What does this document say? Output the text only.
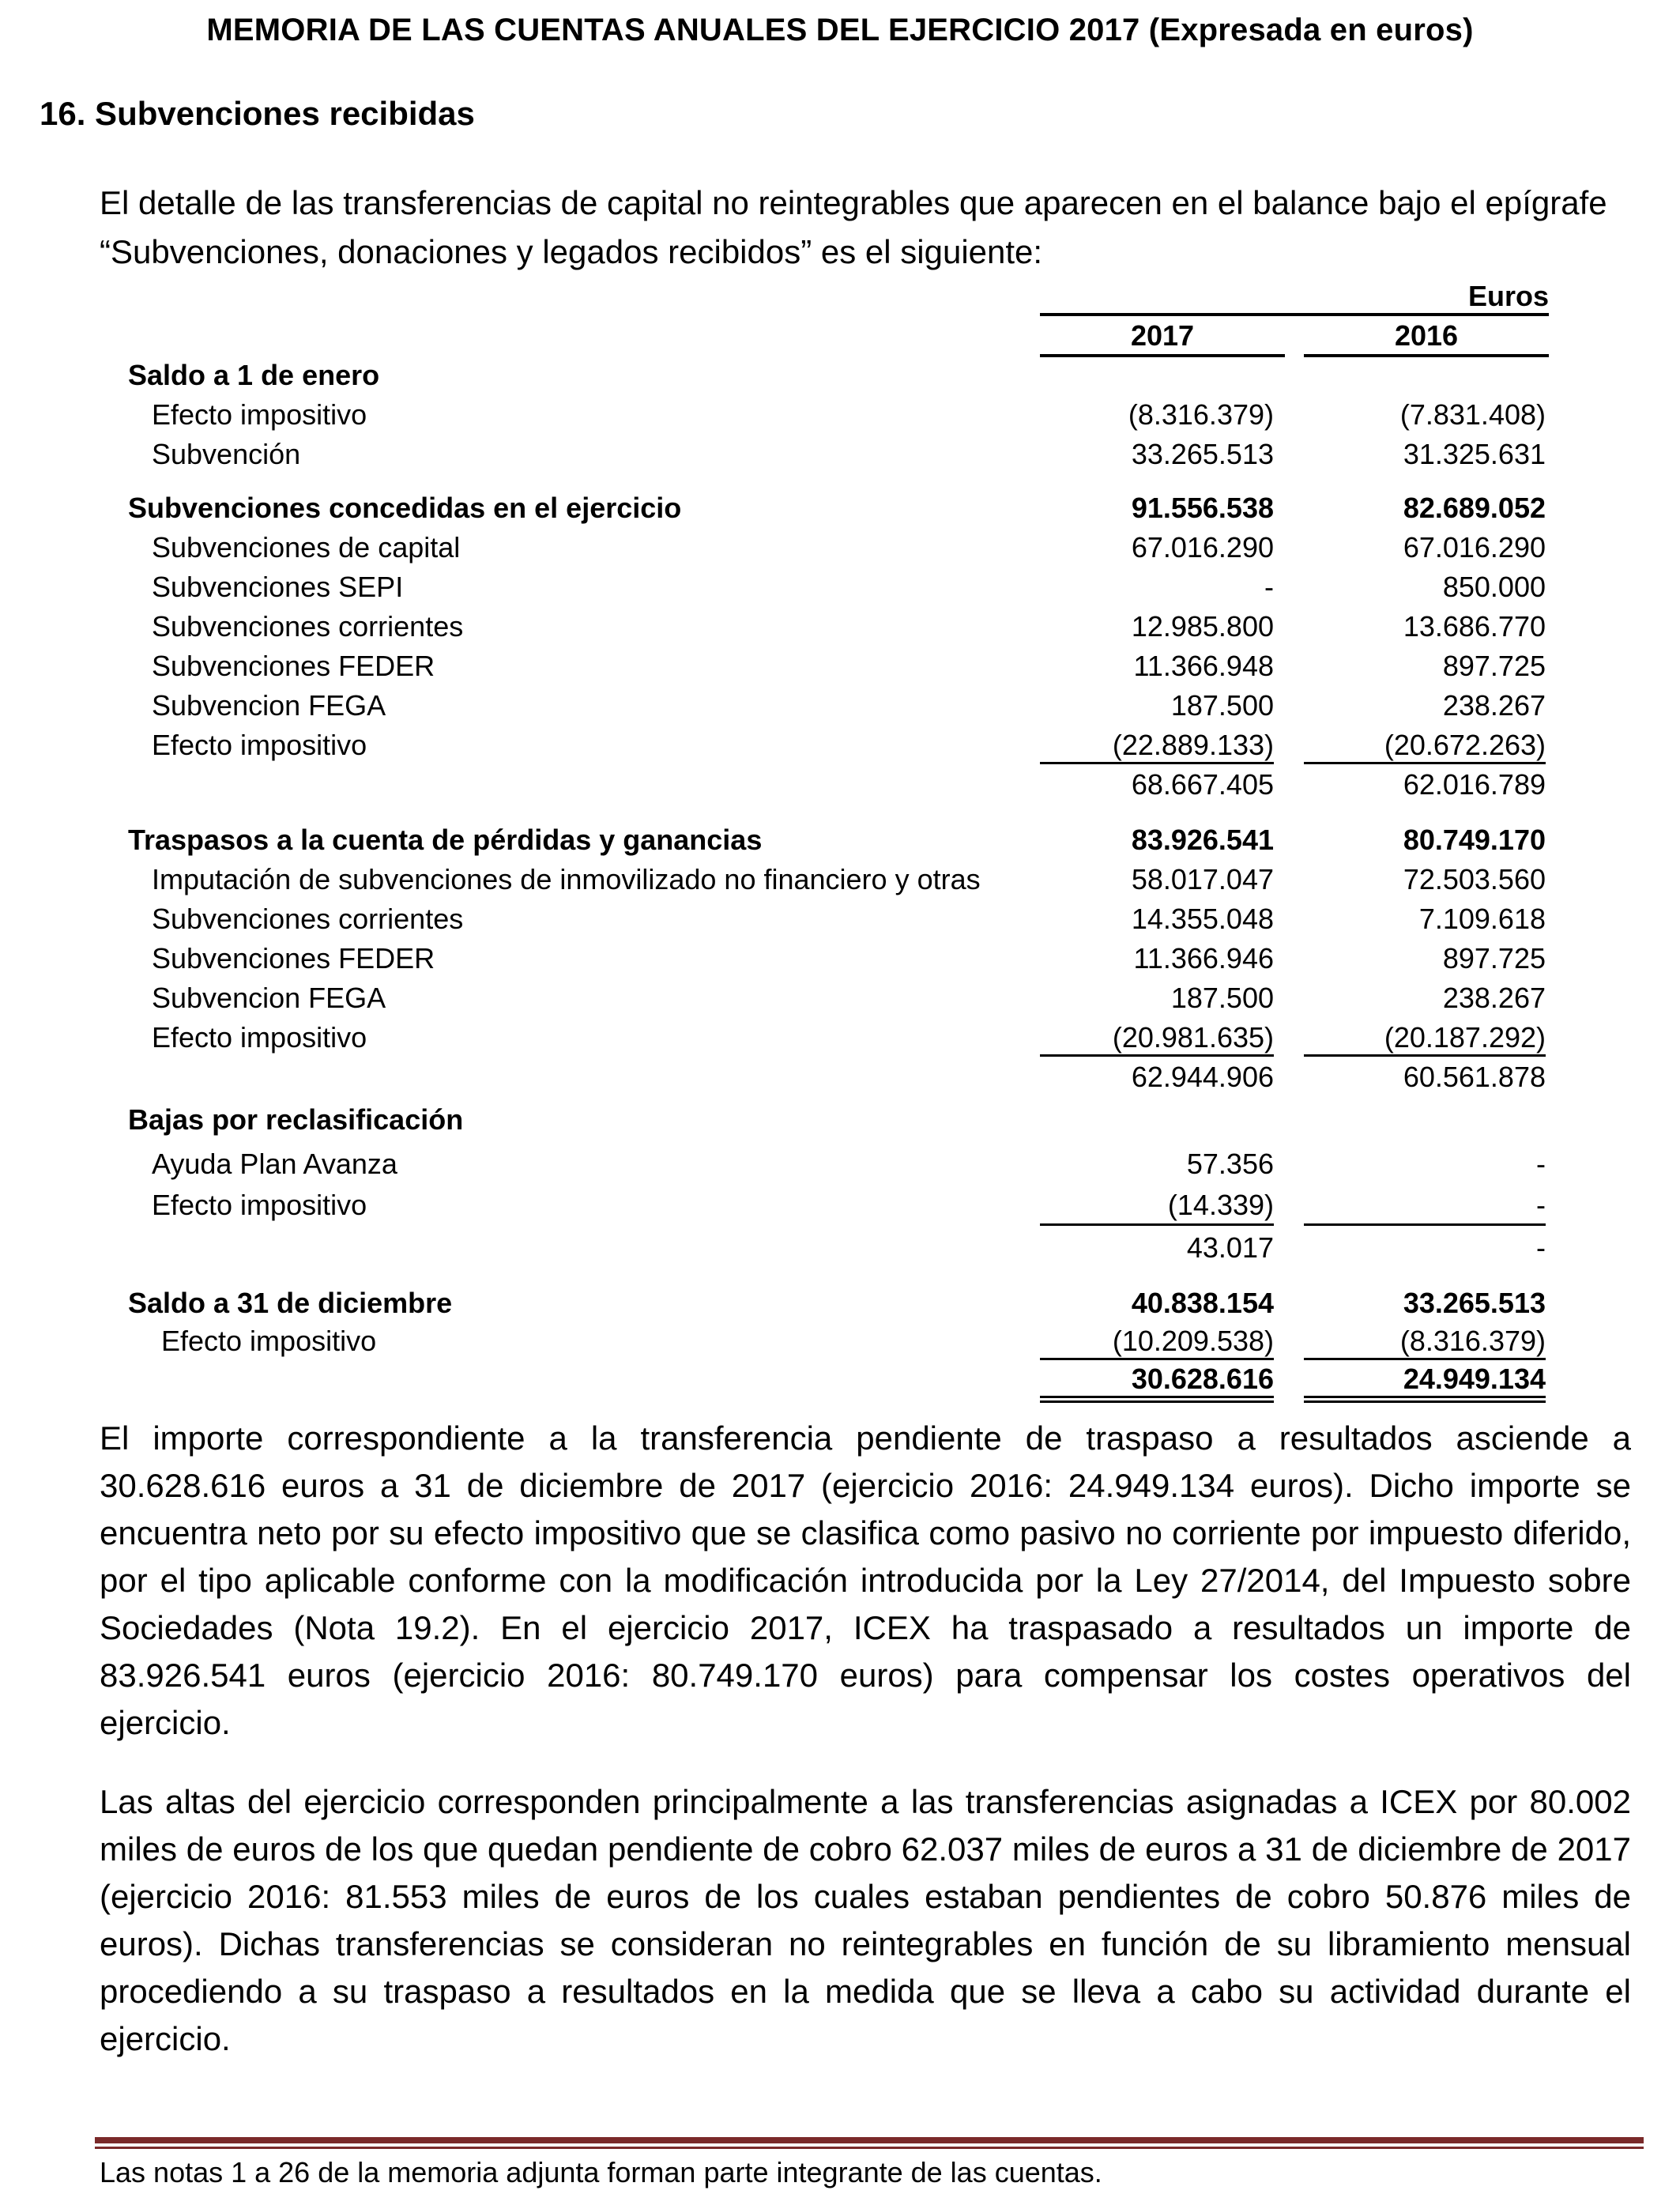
MEMORIA DE LAS CUENTAS ANUALES DEL EJERCICIO 2017 (Expresada en euros)
16. Subvenciones recibidas
El detalle de las transferencias de capital no reintegrables que aparecen en el balance bajo el epígrafe “Subvenciones, donaciones y legados recibidos” es el siguiente:
Euros
2017	2016
Saldo a 1 de enero
Efecto impositivo	(8.316.379)	(7.831.408)
Subvención	33.265.513	31.325.631
Subvenciones concedidas en el ejercicio	91.556.538	82.689.052
Subvenciones de capital	67.016.290	67.016.290
Subvenciones SEPI	-	850.000
Subvenciones corrientes	12.985.800	13.686.770
Subvenciones FEDER	11.366.948	897.725
Subvencion FEGA	187.500	238.267
Efecto impositivo	(22.889.133)	(20.672.263)
68.667.405	62.016.789
Traspasos a la cuenta de pérdidas y ganancias	83.926.541	80.749.170
Imputación de subvenciones de inmovilizado no financiero y otras	58.017.047	72.503.560
Subvenciones corrientes	14.355.048	7.109.618
Subvenciones FEDER	11.366.946	897.725
Subvencion FEGA	187.500	238.267
Efecto impositivo	(20.981.635)	(20.187.292)
62.944.906	60.561.878
Bajas por reclasificación
Ayuda Plan Avanza	57.356	-
Efecto impositivo	(14.339)	-
43.017	-
Saldo a 31 de diciembre	40.838.154	33.265.513
Efecto impositivo	(10.209.538)	(8.316.379)
30.628.616	24.949.134
El importe correspondiente a la transferencia pendiente de traspaso a resultados asciende a 30.628.616 euros a 31 de diciembre de 2017 (ejercicio 2016: 24.949.134 euros). Dicho importe se encuentra neto por su efecto impositivo que se clasifica como pasivo no corriente por impuesto diferido, por el tipo aplicable conforme con la modificación introducida por la Ley 27/2014, del Impuesto sobre Sociedades (Nota 19.2). En el ejercicio 2017, ICEX ha traspasado a resultados un importe de 83.926.541 euros (ejercicio 2016: 80.749.170 euros) para compensar los costes operativos del ejercicio.
Las altas del ejercicio corresponden principalmente a las transferencias asignadas a ICEX por 80.002 miles de euros de los que quedan pendiente de cobro 62.037 miles de euros a 31 de diciembre de 2017 (ejercicio 2016: 81.553 miles de euros de los cuales estaban pendientes de cobro 50.876 miles de euros). Dichas transferencias se consideran no reintegrables en función de su libramiento mensual procediendo a su traspaso a resultados en la medida que se lleva a cabo su actividad durante el ejercicio.
Las notas 1 a 26 de la memoria adjunta forman parte integrante de las cuentas.
